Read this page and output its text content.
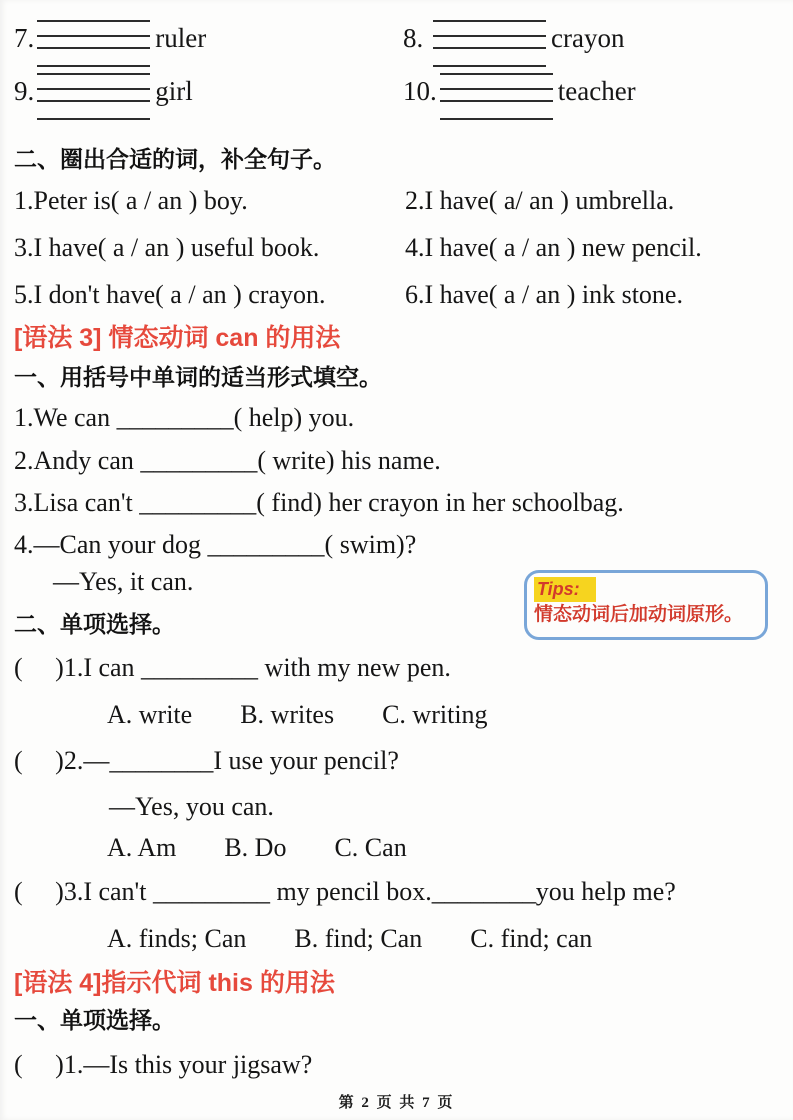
7.	ruler	8.	crayon
9.	girl	10.	teacher
二、圈出合适的词，补全句子。
1.Peter is( a / an ) boy.	2.I have( a/ an ) umbrella.
3.I have( a / an ) useful book.	4.I have( a / an ) new pencil.
5.I don't have( a / an ) crayon.	6.I have( a / an ) ink stone.
[语法 3] 情态动词 can 的用法
一、用括号中单词的适当形式填空。
1.We can _________( help) you.
2.Andy can _________( write) his name.
3.Lisa can't _________( find) her crayon in her schoolbag.
4.—Can your dog _________( swim)?
—Yes, it can.
二、单项选择。
(     )1.I can _________ with my new pen.
A. write B. writes C. writing
(     )2.—________I use your pencil?
—Yes, you can.
A. Am B. Do C. Can
(     )3.I can't _________ my pencil box.________you help me?
A. finds; Can B. find; Can C. find; can
[语法 4]指示代词 this 的用法
一、单项选择。
(     )1.—Is this your jigsaw?
Tips:
情态动词后加动词原形。
第 2 页 共 7 页
